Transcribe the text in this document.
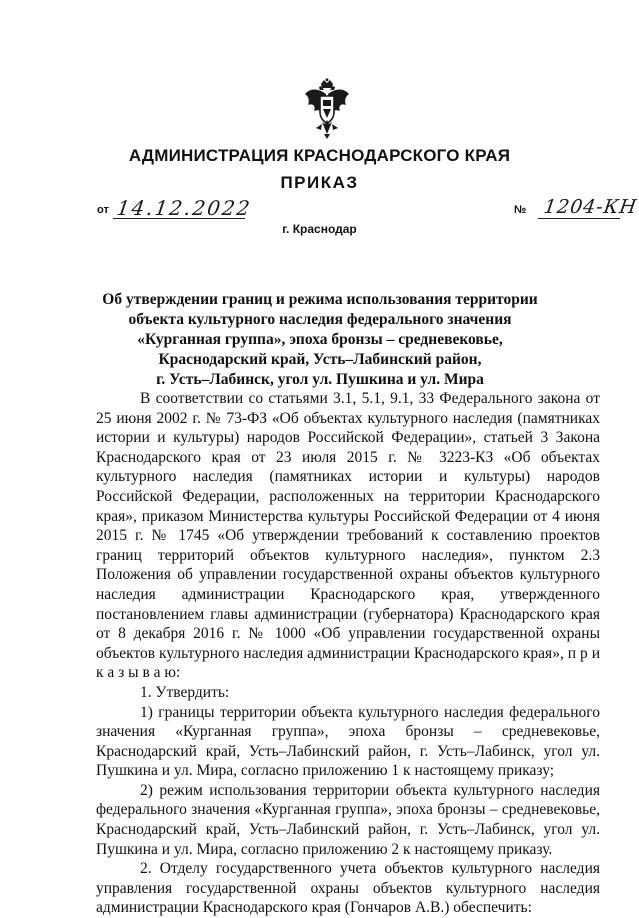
АДМИНИСТРАЦИЯ КРАСНОДАРСКОГО КРАЯ
ПРИКАЗ
от 14.12.2022	№ 1204-КН
г. Краснодар
Об утверждении границ и режима использования территории
объекта культурного наследия федерального значения
«Курганная группа», эпоха бронзы – средневековье,
Краснодарский край, Усть–Лабинский район,
г. Усть–Лабинск, угол ул. Пушкина и ул. Мира

В соответствии со статьями 3.1, 5.1, 9.1, 33 Федерального закона от 25 июня 2002 г. № 73-ФЗ «Об объектах культурного наследия (памятниках истории и культуры) народов Российской Федерации», статьей 3 Закона Краснодарского края от 23 июля 2015 г. № 3223-КЗ «Об объектах культурного наследия (памятниках истории и культуры) народов Российской Федерации, расположенных на территории Краснодарского края», приказом Министерства культуры Российской Федерации от 4 июня 2015 г. № 1745 «Об утверждении требований к составлению проектов границ территорий объектов культурного наследия», пунктом 2.3 Положения об управлении государственной охраны объектов культурного наследия администрации Краснодарского края, утвержденного постановлением главы администрации (губернатора) Краснодарского края от 8 декабря 2016 г. № 1000 «Об управлении государственной охраны объектов культурного наследия администрации Краснодарского края», п р и к а з ы в а ю:

1. Утвердить:

1) границы территории объекта культурного наследия федерального значения «Курганная группа», эпоха бронзы – средневековье, Краснодарский край, Усть–Лабинский район, г. Усть–Лабинск, угол ул. Пушкина и ул. Мира, согласно приложению 1 к настоящему приказу;

2) режим использования территории объекта культурного наследия федерального значения «Курганная группа», эпоха бронзы – средневековье, Краснодарский край, Усть–Лабинский район, г. Усть–Лабинск, угол ул. Пушкина и ул. Мира, согласно приложению 2 к настоящему приказу.

2. Отделу государственного учета объектов культурного наследия управления государственной охраны объектов культурного наследия администрации Краснодарского края (Гончаров А.В.) обеспечить:
